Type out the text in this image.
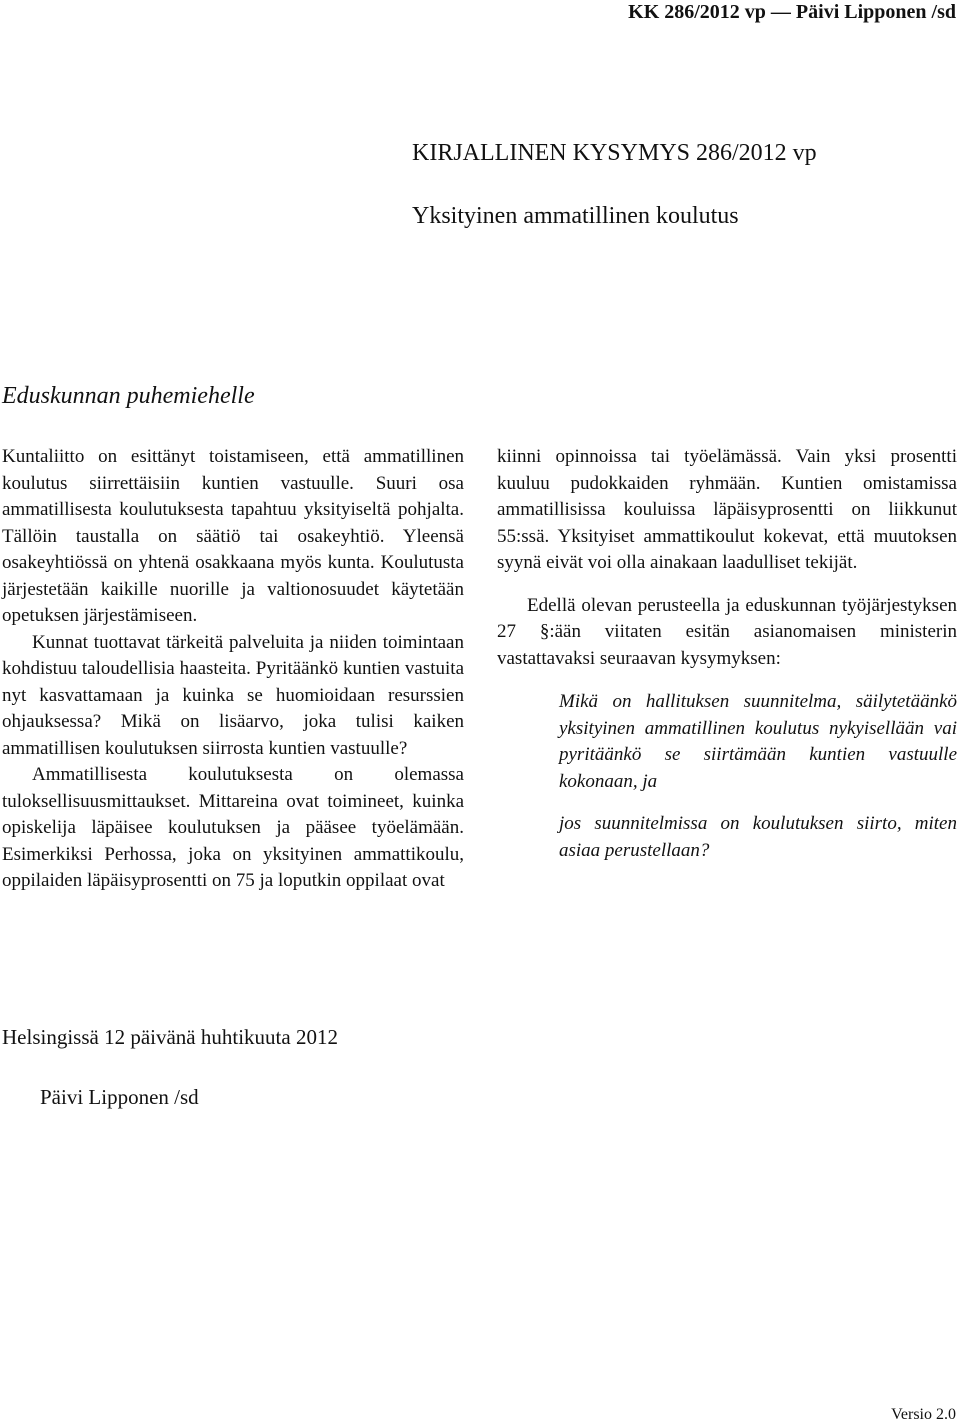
KK 286/2012 vp — Päivi Lipponen /sd
KIRJALLINEN KYSYMYS 286/2012 vp
Yksityinen ammatillinen koulutus
Eduskunnan puhemiehelle

Kuntaliitto on esittänyt toistamiseen, että ammatillinen koulutus siirrettäisiin kuntien vastuulle. Suuri osa ammatillisesta koulutuksesta tapahtuu yksityiseltä pohjalta. Tällöin taustalla on säätiö tai osakeyhtiö. Yleensä osakeyhtiössä on yhtenä osakkaana myös kunta. Koulutusta järjestetään kaikille nuorille ja valtionosuudet käytetään opetuksen järjestämiseen.

Kunnat tuottavat tärkeitä palveluita ja niiden toimintaan kohdistuu taloudellisia haasteita. Pyritäänkö kuntien vastuita nyt kasvattamaan ja kuinka se huomioidaan resurssien ohjauksessa? Mikä on lisäarvo, joka tulisi kaiken ammatillisen koulutuksen siirrosta kuntien vastuulle?

Ammatillisesta koulutuksesta on olemassa tuloksellisuusmittaukset. Mittareina ovat toimineet, kuinka opiskelija läpäisee koulutuksen ja pääsee työelämään. Esimerkiksi Perhossa, joka on yksityinen ammattikoulu, oppilaiden läpäisyprosentti on 75 ja loputkin oppilaat ovat

kiinni opinnoissa tai työelämässä. Vain yksi prosentti kuuluu pudokkaiden ryhmään. Kuntien omistamissa ammatillisissa kouluissa läpäisyprosentti on liikkunut 55:ssä. Yksityiset ammattikoulut kokevat, että muutoksen syynä eivät voi olla ainakaan laadulliset tekijät.

Edellä olevan perusteella ja eduskunnan työjärjestyksen 27 §:ään viitaten esitän asianomaisen ministerin vastattavaksi seuraavan kysymyksen:

Mikä on hallituksen suunnitelma, säilytetäänkö yksityinen ammatillinen koulutus nykyisellään vai pyritäänkö se siirtämään kuntien vastuulle kokonaan, ja

jos suunnitelmissa on koulutuksen siirto, miten asiaa perustellaan?

Helsingissä 12 päivänä huhtikuuta 2012
Päivi Lipponen /sd
Versio 2.0
